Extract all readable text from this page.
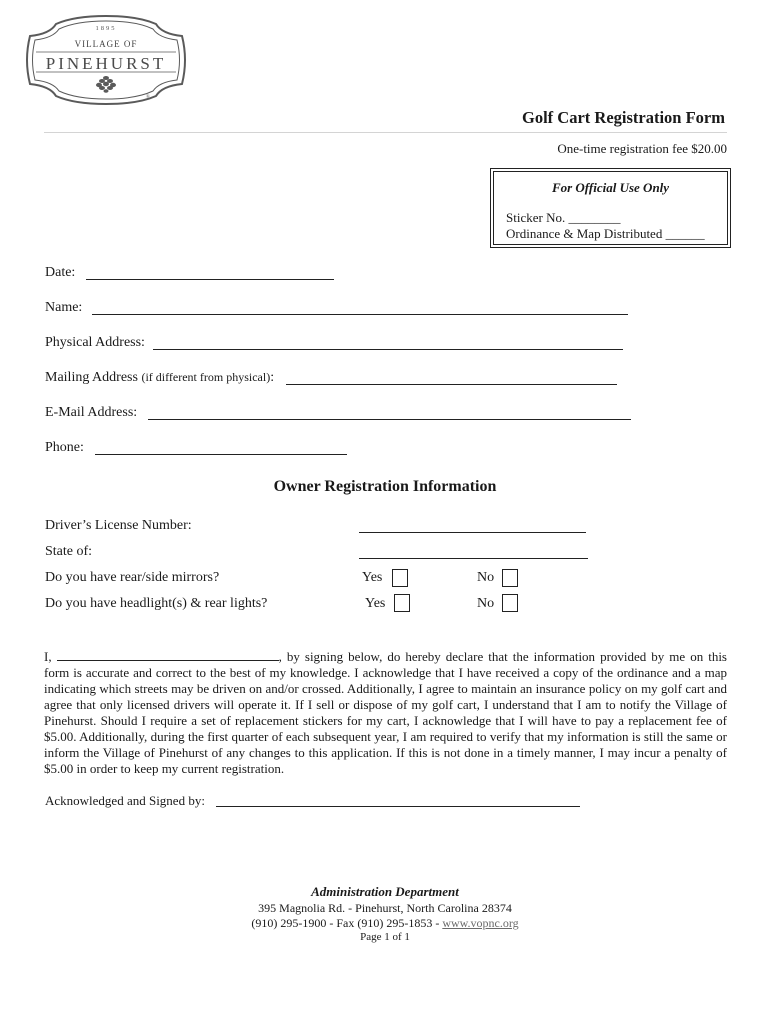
1895
VILLAGE OF
PINEHURST
®
Golf Cart Registration Form
One-time registration fee $20.00
For Official Use Only
Sticker No. ________
Ordinance & Map Distributed ______
Date:
Name:
Physical Address:
Mailing Address (if different from physical):
E-Mail Address:
Phone:
Owner Registration Information
Driver’s License Number:
State of:
Do you have rear/side mirrors?	Yes	No
Do you have headlight(s) & rear lights?	Yes	No
I,	, by signing below, do hereby declare that the information provided by me on this form is accurate and correct to the best of my knowledge. I acknowledge that I have received a copy of the ordinance and a map indicating which streets may be driven on and/or crossed. Additionally, I agree to maintain an insurance policy on my golf cart and agree that only licensed drivers will operate it. If I sell or dispose of my golf cart, I understand that I am to notify the Village of Pinehurst. Should I require a set of replacement stickers for my cart, I acknowledge that I will have to pay a replacement fee of $5.00. Additionally, during the first quarter of each subsequent year, I am required to verify that my information is still the same or inform the Village of Pinehurst of any changes to this application. If this is not done in a timely manner, I may incur a penalty of $5.00 in order to keep my current registration.
Acknowledged and Signed by:
Administration Department
395 Magnolia Rd. - Pinehurst, North Carolina 28374
(910) 295-1900 - Fax (910) 295-1853 - www.vopnc.org
Page 1 of 1
